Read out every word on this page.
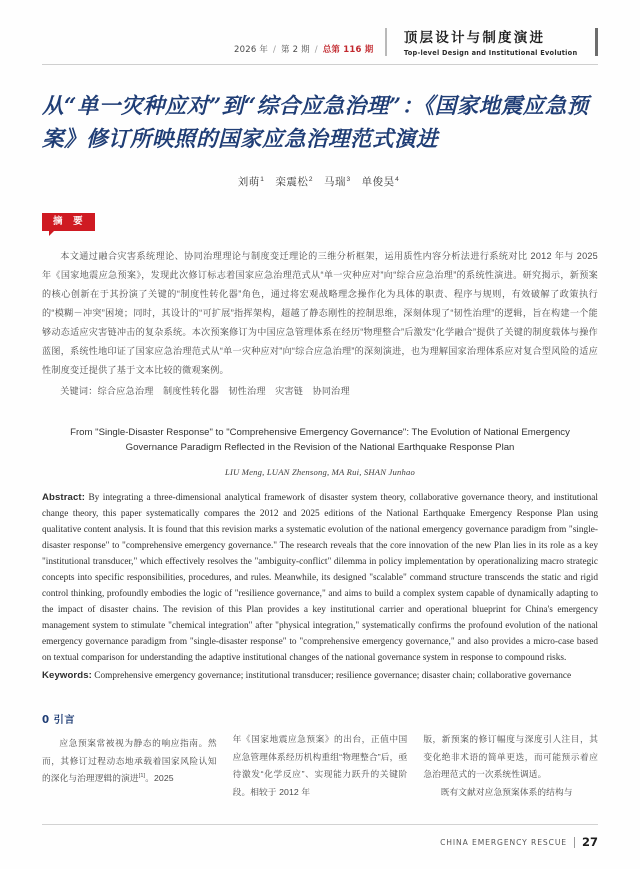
2026 年 / 第 2 期 / 总第 116 期
顶层设计与制度演进
Top-level Design and Institutional Evolution
从“单一灾种应对”到“综合应急治理”：《国家地震应急预案》修订所映照的国家应急治理范式演进
刘萌$^1$ 栾震松$^2$ 马瑞$^3$ 单俊昊$^4$
摘 要

本文通过融合灾害系统理论、协同治理理论与制度变迁理论的三维分析框架，运用质性内容分析法进行系统对比 2012 年与 2025 年《国家地震应急预案》，发现此次修订标志着国家应急治理范式从“单一灾种应对”向“综合应急治理”的系统性演进。研究揭示，新预案的核心创新在于其扮演了关键的“制度性转化器”角色，通过将宏观战略理念操作化为具体的职责、程序与规则，有效破解了政策执行的“模糊－冲突”困境；同时，其设计的“可扩展”指挥架构，超越了静态刚性的控制思维，深刻体现了“韧性治理”的逻辑，旨在构建一个能够动态适应灾害链冲击的复杂系统。本次预案修订为中国应急管理体系在经历“物理整合”后激发“化学融合”提供了关键的制度载体与操作蓝图，系统性地印证了国家应急治理范式从“单一灾种应对”向“综合应急治理”的深刻演进，也为理解国家治理体系应对复合型风险的适应性制度变迁提供了基于文本比较的微观案例。

关键词：综合应急治理　制度性转化器　韧性治理　灾害链　协同治理

From "Single-Disaster Response" to "Comprehensive Emergency Governance": The Evolution of National Emergency Governance Paradigm Reflected in the Revision of the National Earthquake Response Plan
LIU Meng, LUAN Zhensong, MA Rui, SHAN Junhao

Abstract: By integrating a three-dimensional analytical framework of disaster system theory, collaborative governance theory, and institutional change theory, this paper systematically compares the 2012 and 2025 editions of the National Earthquake Emergency Response Plan using qualitative content analysis. It is found that this revision marks a systematic evolution of the national emergency governance paradigm from "single-disaster response" to "comprehensive emergency governance." The research reveals that the core innovation of the new Plan lies in its role as a key "institutional transducer," which effectively resolves the "ambiguity-conflict" dilemma in policy implementation by operationalizing macro strategic concepts into specific responsibilities, procedures, and rules. Meanwhile, its designed "scalable" command structure transcends the static and rigid control thinking, profoundly embodies the logic of "resilience governance," and aims to build a complex system capable of dynamically adapting to the impact of disaster chains. The revision of this Plan provides a key institutional carrier and operational blueprint for China's emergency management system to stimulate "chemical integration" after "physical integration," systematically confirms the profound evolution of the national emergency governance paradigm from "single-disaster response" to "comprehensive emergency governance," and also provides a micro-case based on textual comparison for understanding the adaptive institutional changes of the national governance system in response to compound risks.

Keywords: Comprehensive emergency governance; institutional transducer; resilience governance; disaster chain; collaborative governance

0 引言

应急预案常被视为静态的响应指南。然而，其修订过程动态地承载着国家风险认知的深化与治理逻辑的演进[1]。2025

年《国家地震应急预案》的出台，正值中国应急管理体系经历机构重组“物理整合”后，亟待激发“化学反应”、实现能力跃升的关键阶段。相较于 2012 年

版，新预案的修订幅度与深度引人注目，其变化绝非术语的简单更迭，而可能预示着应急治理范式的一次系统性调适。

既有文献对应急预案体系的结构与

CHINA EMERGENCY RESCUE 27
